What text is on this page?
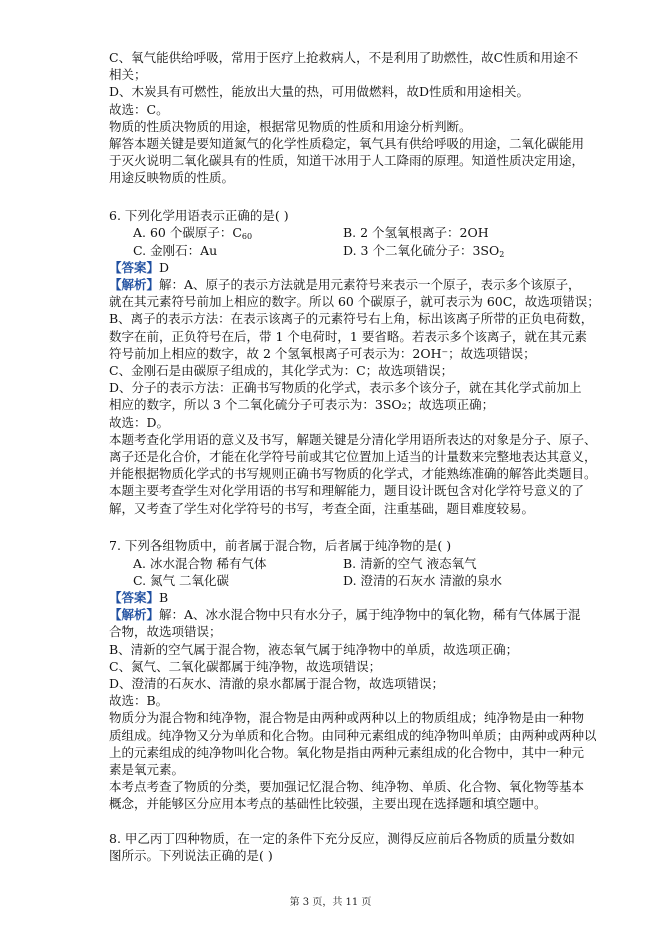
C、氧气能供给呼吸，常用于医疗上抢救病人，不是利用了助燃性，故C性质和用途不
相关；
D、木炭具有可燃性，能放出大量的热，可用做燃料，故D性质和用途相关。
故选：C。
物质的性质决物质的用途，根据常见物质的性质和用途分析判断。
解答本题关键是要知道氮气的化学性质稳定，氧气具有供给呼吸的用途，二氧化碳能用
于灭火说明二氧化碳具有的性质，知道干冰用于人工降雨的原理。知道性质决定用途，
用途反映物质的性质。
6. 下列化学用语表示正确的是( )
A. 60 个碳原子：$C_{60}$	B. 2 个氢氧根离子：2OH
C. 金刚石：Au	D. 3 个二氧化硫分子：$3SO_2$
【答案】D
【解析】解：A、原子的表示方法就是用元素符号来表示一个原子，表示多个该原子，
就在其元素符号前加上相应的数字。所以 60 个碳原子，就可表示为 60C，故选项错误；
B、离子的表示方法：在表示该离子的元素符号右上角，标出该离子所带的正负电荷数，
数字在前，正负符号在后，带 1 个电荷时，1 要省略。若表示多个该离子，就在其元素
符号前加上相应的数字，故 2 个氢氧根离子可表示为：2OH⁻；故选项错误；
C、金刚石是由碳原子组成的，其化学式为：C；故选项错误；
D、分子的表示方法：正确书写物质的化学式，表示多个该分子，就在其化学式前加上
相应的数字，所以 3 个二氧化硫分子可表示为：3SO₂；故选项正确；
故选：D。
本题考查化学用语的意义及书写，解题关键是分清化学用语所表达的对象是分子、原子、
离子还是化合价，才能在化学符号前或其它位置加上适当的计量数来完整地表达其意义，
并能根据物质化学式的书写规则正确书写物质的化学式，才能熟练准确的解答此类题目。
本题主要考查学生对化学用语的书写和理解能力，题目设计既包含对化学符号意义的了
解，又考查了学生对化学符号的书写，考查全面，注重基础，题目难度较易。
7. 下列各组物质中，前者属于混合物，后者属于纯净物的是( )
A. 冰水混合物 稀有气体	B. 清新的空气 液态氧气
C. 氮气 二氧化碳	D. 澄清的石灰水 清澈的泉水
【答案】B
【解析】解：A、冰水混合物中只有水分子，属于纯净物中的氧化物，稀有气体属于混
合物，故选项错误；
B、清新的空气属于混合物，液态氧气属于纯净物中的单质，故选项正确；
C、氮气、二氧化碳都属于纯净物，故选项错误；
D、澄清的石灰水、清澈的泉水都属于混合物，故选项错误；
故选：B。
物质分为混合物和纯净物，混合物是由两种或两种以上的物质组成；纯净物是由一种物
质组成。纯净物又分为单质和化合物。由同种元素组成的纯净物叫单质；由两种或两种以
上的元素组成的纯净物叫化合物。氧化物是指由两种元素组成的化合物中，其中一种元
素是氧元素。
本考点考查了物质的分类，要加强记忆混合物、纯净物、单质、化合物、氧化物等基本
概念，并能够区分应用本考点的基础性比较强，主要出现在选择题和填空题中。
第 3 页，共 11 页
8. 甲乙丙丁四种物质，在一定的条件下充分反应，测得反应前后各物质的质量分数如
图所示。下列说法正确的是( )
